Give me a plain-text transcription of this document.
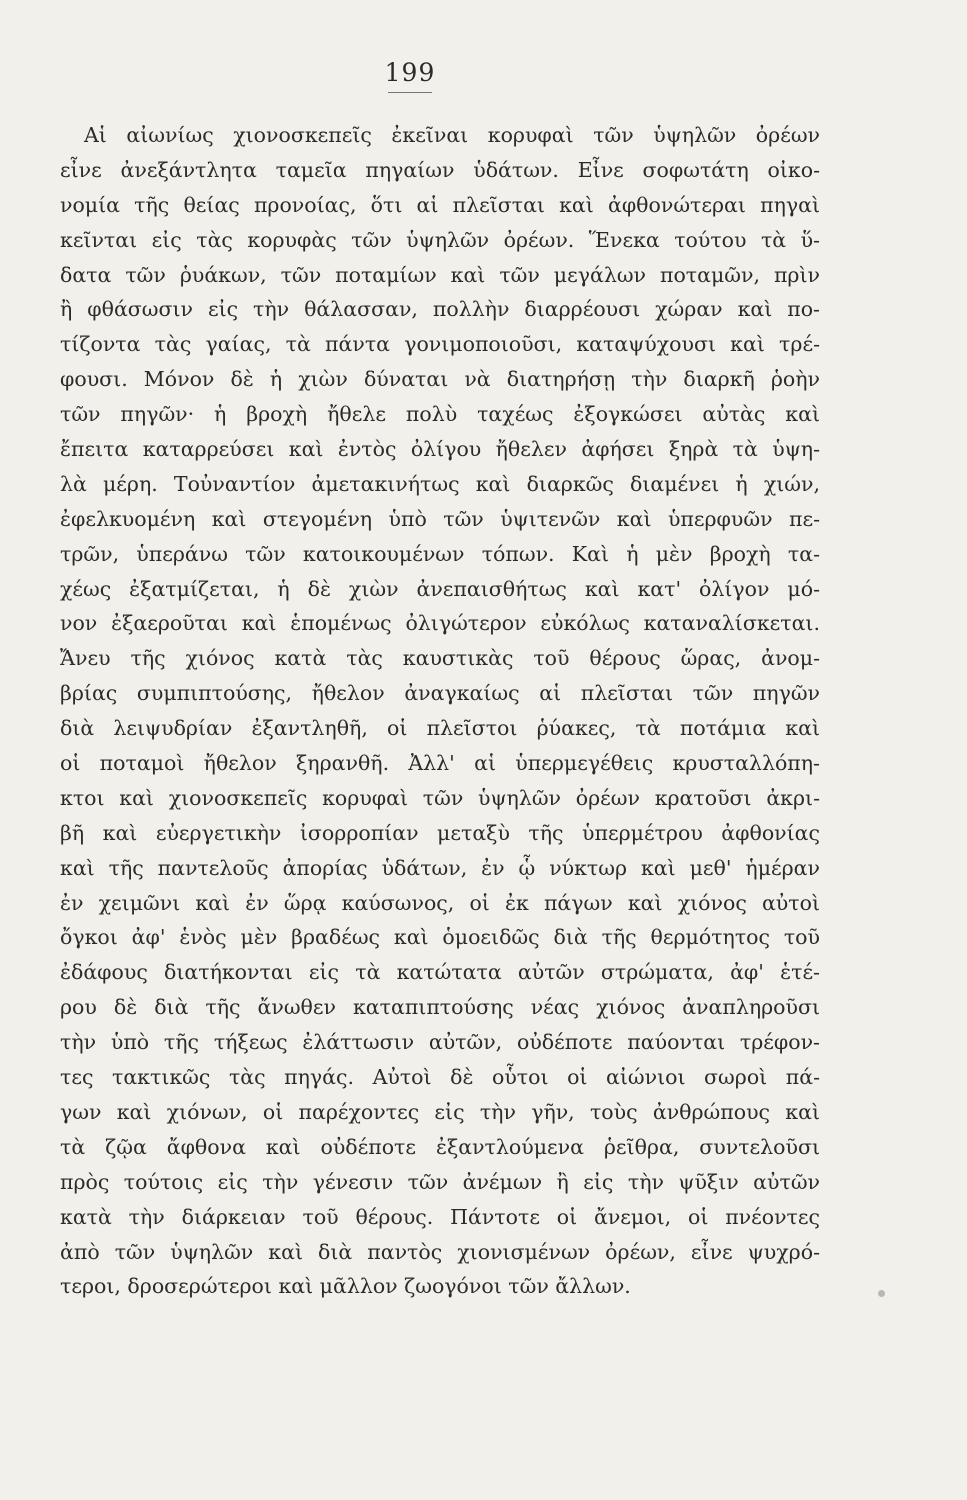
199
Αἱ αἰωνίως χιονοσκεπεῖς ἐκεῖναι κορυφαὶ τῶν ὑψηλῶν ὀρέων
εἶνε ἀνεξάντλητα ταμεῖα πηγαίων ὑδάτων. Εἶνε σοφωτάτη οἰκο-
νομία τῆς θείας προνοίας, ὅτι αἱ πλεῖσται καὶ ἀφθονώτεραι πηγαὶ
κεῖνται εἰς τὰς κορυφὰς τῶν ὑψηλῶν ὀρέων. Ἕνεκα τούτου τὰ ὕ-
δατα τῶν ῥυάκων, τῶν ποταμίων καὶ τῶν μεγάλων ποταμῶν, πρὶν
ἢ φθάσωσιν εἰς τὴν θάλασσαν, πολλὴν διαρρέουσι χώραν καὶ πο-
τίζοντα τὰς γαίας, τὰ πάντα γονιμοποιοῦσι, καταψύχουσι καὶ τρέ-
φουσι. Μόνον δὲ ἡ χιὼν δύναται νὰ διατηρήσῃ τὴν διαρκῆ ῥοὴν
τῶν πηγῶν· ἡ βροχὴ ἤθελε πολὺ ταχέως ἐξογκώσει αὐτὰς καὶ
ἔπειτα καταρρεύσει καὶ ἐντὸς ὀλίγου ἤθελεν ἀφήσει ξηρὰ τὰ ὑψη-
λὰ μέρη. Τοὐναντίον ἀμετακινήτως καὶ διαρκῶς διαμένει ἡ χιών,
ἐφελκυομένη καὶ στεγομένη ὑπὸ τῶν ὑψιτενῶν καὶ ὑπερφυῶν πε-
τρῶν, ὑπεράνω τῶν κατοικουμένων τόπων. Καὶ ἡ μὲν βροχὴ τα-
χέως ἐξατμίζεται, ἡ δὲ χιὼν ἀνεπαισθήτως καὶ κατ' ὀλίγον μό-
νον ἐξαεροῦται καὶ ἑπομένως ὀλιγώτερον εὐκόλως καταναλίσκεται.
Ἄνευ τῆς χιόνος κατὰ τὰς καυστικὰς τοῦ θέρους ὥρας, ἀνομ-
βρίας συμπιπτούσης, ἤθελον ἀναγκαίως αἱ πλεῖσται τῶν πηγῶν
διὰ λειψυδρίαν ἐξαντληθῆ, οἱ πλεῖστοι ῥύακες, τὰ ποτάμια καὶ
οἱ ποταμοὶ ἤθελον ξηρανθῆ. Ἀλλ' αἱ ὑπερμεγέθεις κρυσταλλόπη-
κτοι καὶ χιονοσκεπεῖς κορυφαὶ τῶν ὑψηλῶν ὀρέων κρατοῦσι ἀκρι-
βῆ καὶ εὐεργετικὴν ἰσορροπίαν μεταξὺ τῆς ὑπερμέτρου ἀφθονίας
καὶ τῆς παντελοῦς ἀπορίας ὑδάτων, ἐν ᾧ νύκτωρ καὶ μεθ' ἡμέραν
ἐν χειμῶνι καὶ ἐν ὥρᾳ καύσωνος, οἱ ἐκ πάγων καὶ χιόνος αὐτοὶ
ὄγκοι ἀφ' ἑνὸς μὲν βραδέως καὶ ὁμοειδῶς διὰ τῆς θερμότητος τοῦ
ἐδάφους διατήκονται εἰς τὰ κατώτατα αὐτῶν στρώματα, ἀφ' ἑτέ-
ρου δὲ διὰ τῆς ἄνωθεν καταπιπτούσης νέας χιόνος ἀναπληροῦσι
τὴν ὑπὸ τῆς τήξεως ἐλάττωσιν αὐτῶν, οὐδέποτε παύονται τρέφον-
τες τακτικῶς τὰς πηγάς. Αὐτοὶ δὲ οὗτοι οἱ αἰώνιοι σωροὶ πά-
γων καὶ χιόνων, οἱ παρέχοντες εἰς τὴν γῆν, τοὺς ἀνθρώπους καὶ
τὰ ζῷα ἄφθονα καὶ οὐδέποτε ἐξαντλούμενα ῥεῖθρα, συντελοῦσι
πρὸς τούτοις εἰς τὴν γένεσιν τῶν ἀνέμων ἢ εἰς τὴν ψῦξιν αὐτῶν
κατὰ τὴν διάρκειαν τοῦ θέρους. Πάντοτε οἱ ἄνεμοι, οἱ πνέοντες
ἀπὸ τῶν ὑψηλῶν καὶ διὰ παντὸς χιονισμένων ὀρέων, εἶνε ψυχρό-
τεροι, δροσερώτεροι καὶ μᾶλλον ζωογόνοι τῶν ἄλλων.
